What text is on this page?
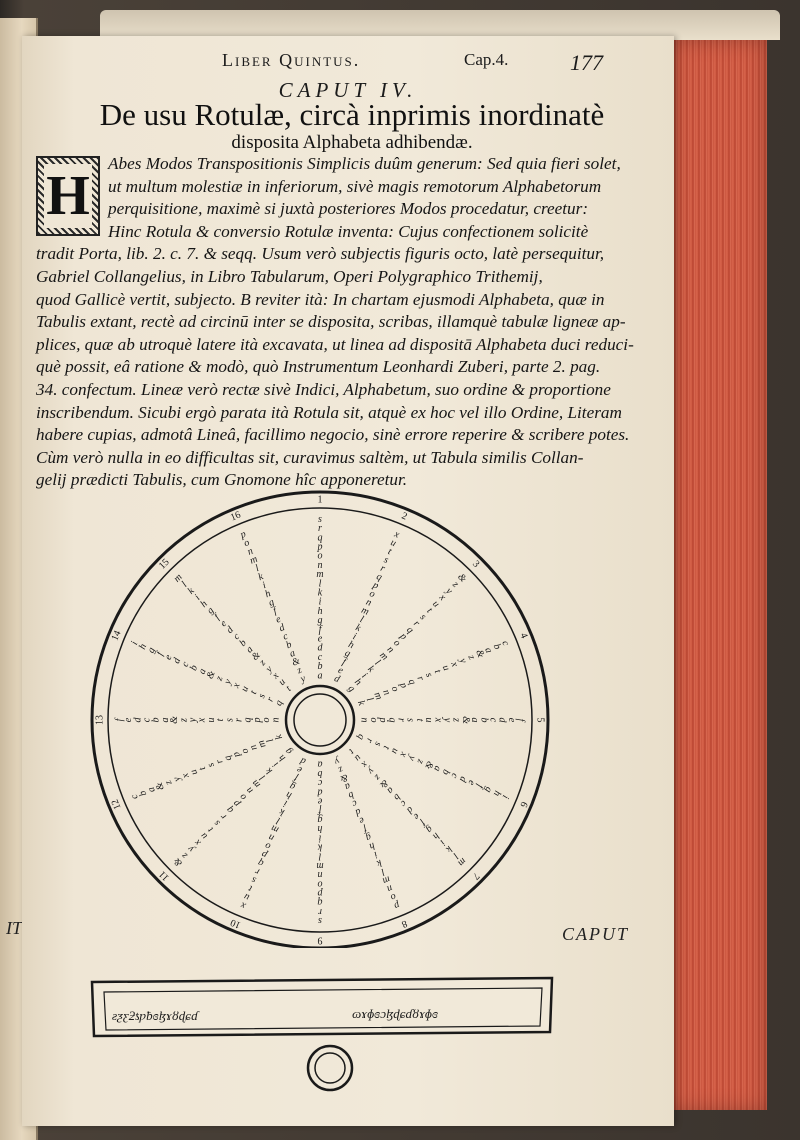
IT
Liber Quintus.	Cap.4.	177
CAPUT IV.
De usu Rotulæ, circà inprimis inordinatè
disposita Alphabeta adhibendæ.
H
Abes Modos Transpositionis Simplicis duûm generum: Sed quia fieri solet,
ut multum molestiæ in inferiorum, sivè magis remotorum Alphabetorum
perquisitione, maximè si juxtà posteriores Modos procedatur, creetur:
Hinc Rotula & conversio Rotulæ inventa: Cujus confectionem solicitè
tradit Porta, lib. 2. c. 7. & seqq. Usum verò subjectis figuris octo, latè persequitur,
Gabriel Collangelius, in Libro Tabularum, Operi Polygraphico Trithemij,
quod Gallicè vertit, subjecto. B reviter ità: In chartam ejusmodi Alphabeta, quæ in
Tabulis extant, rectè ad circinū inter se disposita, scribas, illamquè tabulæ ligneæ ap-
plices, quæ ab utroquè latere ità excavata, ut linea ad dispositā Alphabeta duci reduci-
què possit, eâ ratione & modò, quò Instrumentum Leonhardi Zuberi, parte 2. pag.
34. confectum. Lineæ verò rectæ sivè Indici, Alphabetum, suo ordine & proportione
inscribendum. Sicubi ergò parata ità Rotula sit, atquè ex hoc vel illo Ordine, Literam
habere cupias, admotâ Lineâ, facillimo negocio, sinè errore reperire & scribere potes.
Cùm verò nulla in eo difficultas sit, curavimus saltèm, ut Tabula similis Collan-
gelij prædicti Tabulis, cum Gnomone hîc apponeretur.
a
b
c
d
e
f
g
h
i
k
l
m
n
o
p
q
r
s
d
e
f
g
h
i
k
l
m
n
o
p
q
r
s
t
u
x
g
h
i
k
l
m
n
o
p
q
r
s
t
u
x
y
z
&
k
l
m
n
o
p
q
r
s
t
u
x
y
z
&
a
b
c
n
o
p
q
r
s
t
u
x
y
z
&
a
b
c
d
e
f
q
r
s
t
u
x
y
z
&
a
b
c
d
e
f
g
h
i
t
u
x
y
z
&
a
b
c
d
e
f
g
h
i
k
l
m
y
z
&
a
b
c
d
e
f
g
h
i
k
l
m
n
o
p
a
b
c
d
e
f
g
h
i
k
l
m
n
o
p
q
r
s
d
e
f
g
h
i
k
l
m
n
o
p
q
r
s
t
u
x
g
h
i
k
l
m
n
o
p
q
r
s
t
u
x
y
z
&
k
l
m
n
o
p
q
r
s
t
u
x
y
z
&
a
b
c
n
o
p
q
r
s
t
u
x
y
z
&
a
b
c
d
e
f
q
r
s
t
u
x
y
z
&
a
b
c
d
e
f
g
h
i
t
u
x
y
z
&
a
b
c
d
e
f
g
h
i
k
l
m
y
z
&
a
b
c
d
e
f
g
h
i
k
l
m
n
o
p
1
2
3
4
5
6
7
8
9
10
11
12
13
14
15
16
CAPUT
ƨƺƹƻƾƿƀɞɮɤȣɖɕɗ	ɷɤɸɞɔɮɖɕɗȣɤɸɞ
